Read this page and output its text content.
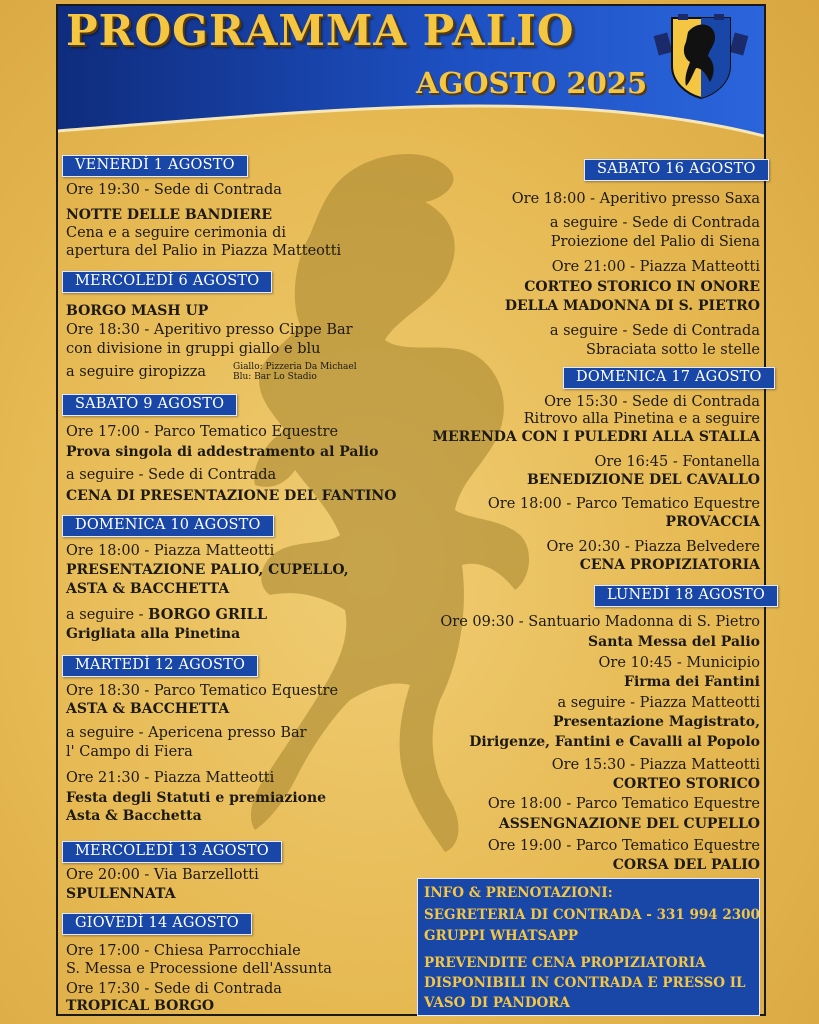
PROGRAMMA PALIO
AGOSTO 2025
VENERDÌ 1 AGOSTO
Ore 19:30 - Sede di Contrada
NOTTE DELLE BANDIERE
Cena e a seguire cerimonia di
apertura del Palio in Piazza Matteotti
MERCOLEDÌ 6 AGOSTO
BORGO MASH UP
Ore 18:30 - Aperitivo presso Cippe Bar
con divisione in gruppi giallo e blu
a seguire giropizza	Giallo: Pizzeria Da Michael
Blu: Bar Lo Stadio
SABATO 9 AGOSTO
Ore 17:00 - Parco Tematico Equestre
Prova singola di addestramento al Palio
a seguire - Sede di Contrada
CENA DI PRESENTAZIONE DEL FANTINO
DOMENICA 10 AGOSTO
Ore 18:00 - Piazza Matteotti
PRESENTAZIONE PALIO, CUPELLO,
ASTA & BACCHETTA
a seguire - BORGO GRILL
Grigliata alla Pinetina
MARTEDÌ 12 AGOSTO
Ore 18:30 - Parco Tematico Equestre
ASTA & BACCHETTA
a seguire - Apericena presso Bar
l' Campo di Fiera
Ore 21:30 - Piazza Matteotti
Festa degli Statuti e premiazione
Asta & Bacchetta
MERCOLEDÌ 13 AGOSTO
Ore 20:00 - Via Barzellotti
SPULENNATA
GIOVEDÌ 14 AGOSTO
Ore 17:00 - Chiesa Parrocchiale
S. Messa e Processione dell'Assunta
Ore 17:30 - Sede di Contrada
TROPICAL BORGO
SABATO 16 AGOSTO
Ore 18:00 - Aperitivo presso Saxa
a seguire - Sede di Contrada
Proiezione del Palio di Siena
Ore 21:00 - Piazza Matteotti
CORTEO STORICO IN ONORE
DELLA MADONNA DI S. PIETRO
a seguire - Sede di Contrada
Sbraciata sotto le stelle
DOMENICA 17 AGOSTO
Ore 15:30 - Sede di Contrada
Ritrovo alla Pinetina e a seguire
MERENDA CON I PULEDRI ALLA STALLA
Ore 16:45 - Fontanella
BENEDIZIONE DEL CAVALLO
Ore 18:00 - Parco Tematico Equestre
PROVACCIA
Ore 20:30 - Piazza Belvedere
CENA PROPIZIATORIA
LUNEDÌ 18 AGOSTO
Ore 09:30 - Santuario Madonna di S. Pietro
Santa Messa del Palio
Ore 10:45 - Municipio
Firma dei Fantini
a seguire - Piazza Matteotti
Presentazione Magistrato,
Dirigenze, Fantini e Cavalli al Popolo
Ore 15:30 - Piazza Matteotti
CORTEO STORICO
Ore 18:00 - Parco Tematico Equestre
ASSENGNAZIONE DEL CUPELLO
Ore 19:00 - Parco Tematico Equestre
CORSA DEL PALIO
INFO & PRENOTAZIONI:
SEGRETERIA DI CONTRADA - 331 994 2300
GRUPPI WHATSAPP
PREVENDITE CENA PROPIZIATORIA
DISPONIBILI IN CONTRADA E PRESSO IL
VASO DI PANDORA
